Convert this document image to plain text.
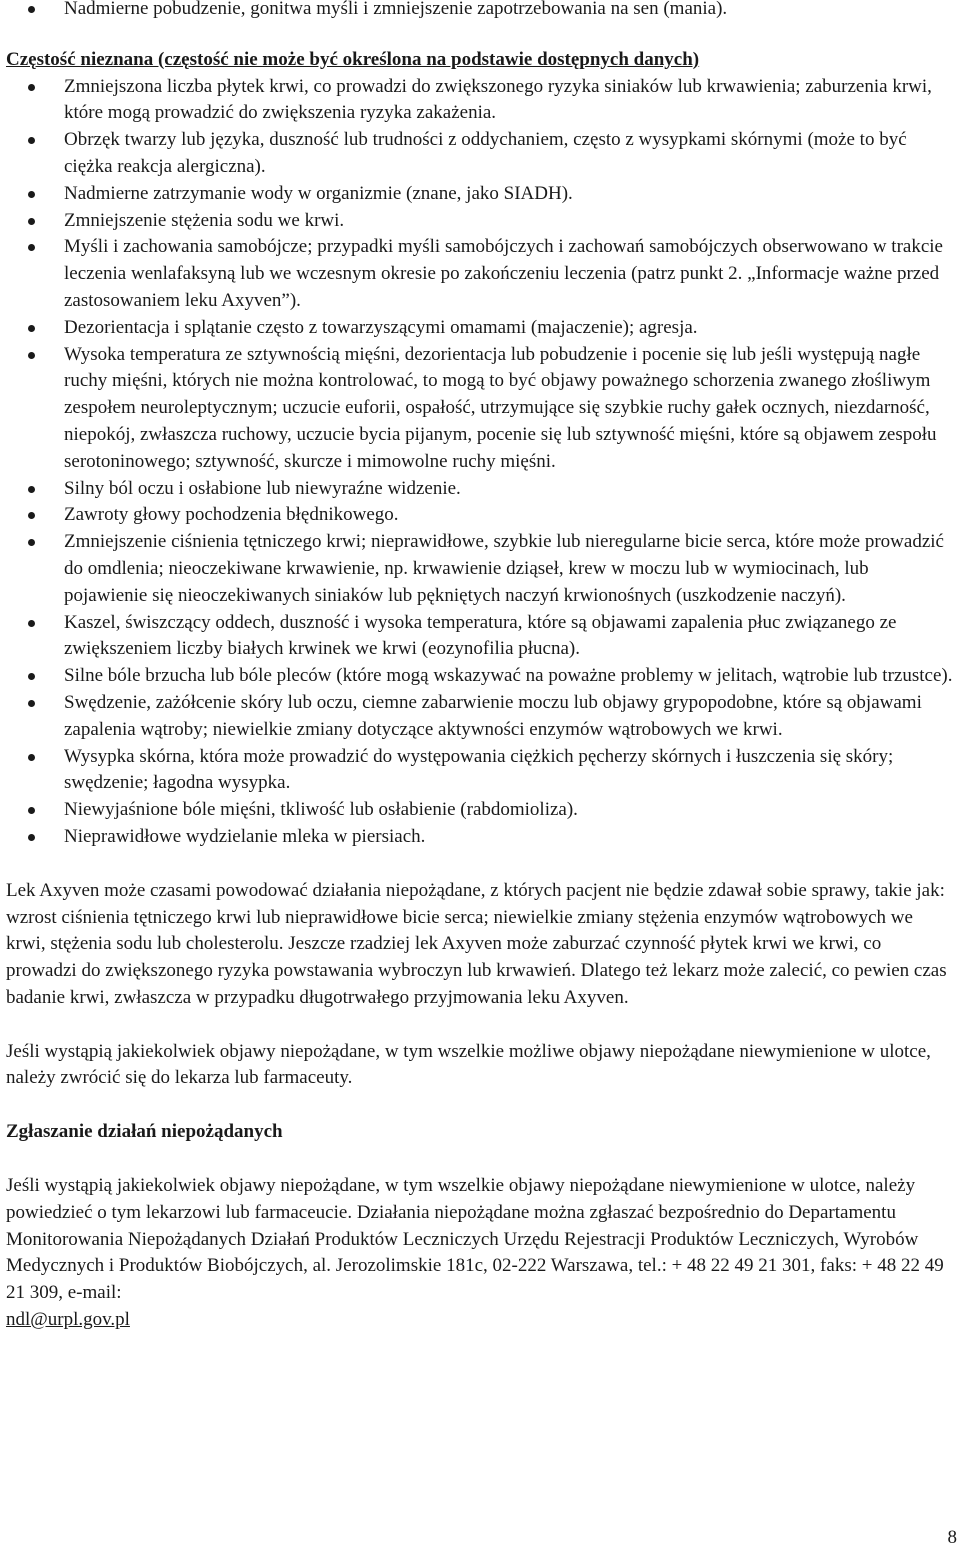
Nadmierne pobudzenie, gonitwa myśli i zmniejszenie zapotrzebowania na sen (mania).

Częstość nieznana (częstość nie może być określona na podstawie dostępnych danych)

Zmniejszona liczba płytek krwi, co prowadzi do zwiększonego ryzyka siniaków lub krwawienia; zaburzenia krwi, które mogą prowadzić do zwiększenia ryzyka zakażenia.
Obrzęk twarzy lub języka, duszność lub trudności z oddychaniem, często z wysypkami skórnymi (może to być ciężka reakcja alergiczna).
Nadmierne zatrzymanie wody w organizmie (znane, jako SIADH).
Zmniejszenie stężenia sodu we krwi.
Myśli i zachowania samobójcze; przypadki myśli samobójczych i zachowań samobójczych obserwowano w trakcie leczenia wenlafaksyną lub we wczesnym okresie po zakończeniu leczenia (patrz punkt 2. „Informacje ważne przed zastosowaniem leku Axyven”).
Dezorientacja i splątanie często z towarzyszącymi omamami (majaczenie); agresja.
Wysoka temperatura ze sztywnością mięśni, dezorientacja lub pobudzenie i pocenie się lub jeśli występują nagłe ruchy mięśni, których nie można kontrolować, to mogą to być objawy poważnego schorzenia zwanego złośliwym zespołem neuroleptycznym; uczucie euforii, ospałość, utrzymujące się szybkie ruchy gałek ocznych, niezdarność, niepokój, zwłaszcza ruchowy, uczucie bycia pijanym, pocenie się lub sztywność mięśni, które są objawem zespołu serotoninowego; sztywność, skurcze i mimowolne ruchy mięśni.
Silny ból oczu i osłabione lub niewyraźne widzenie.
Zawroty głowy pochodzenia błędnikowego.
Zmniejszenie ciśnienia tętniczego krwi; nieprawidłowe, szybkie lub nieregularne bicie serca, które może prowadzić do omdlenia; nieoczekiwane krwawienie, np. krwawienie dziąseł, krew w moczu lub w wymiocinach, lub pojawienie się nieoczekiwanych siniaków lub pękniętych naczyń krwionośnych (uszkodzenie naczyń).
Kaszel, świszczący oddech, duszność i wysoka temperatura, które są objawami zapalenia płuc związanego ze zwiększeniem liczby białych krwinek we krwi (eozynofilia płucna).
Silne bóle brzucha lub bóle pleców (które mogą wskazywać na poważne problemy w jelitach, wątrobie lub trzustce).
Swędzenie, zażółcenie skóry lub oczu, ciemne zabarwienie moczu lub objawy grypopodobne, które są objawami zapalenia wątroby; niewielkie zmiany dotyczące aktywności enzymów wątrobowych we krwi.
Wysypka skórna, która może prowadzić do występowania ciężkich pęcherzy skórnych i łuszczenia się skóry; swędzenie; łagodna wysypka.
Niewyjaśnione bóle mięśni, tkliwość lub osłabienie (rabdomioliza).
Nieprawidłowe wydzielanie mleka w piersiach.

Lek Axyven może czasami powodować działania niepożądane, z których pacjent nie będzie zdawał sobie sprawy, takie jak: wzrost ciśnienia tętniczego krwi lub nieprawidłowe bicie serca; niewielkie zmiany stężenia enzymów wątrobowych we krwi, stężenia sodu lub cholesterolu. Jeszcze rzadziej lek Axyven może zaburzać czynność płytek krwi we krwi, co prowadzi do zwiększonego ryzyka powstawania wybroczyn lub krwawień. Dlatego też lekarz może zalecić, co pewien czas badanie krwi, zwłaszcza w przypadku długotrwałego przyjmowania leku Axyven.

Jeśli wystąpią jakiekolwiek objawy niepożądane, w tym wszelkie możliwe objawy niepożądane niewymienione w ulotce, należy zwrócić się do lekarza lub farmaceuty.

Zgłaszanie działań niepożądanych

Jeśli wystąpią jakiekolwiek objawy niepożądane, w tym wszelkie objawy niepożądane niewymienione w ulotce, należy powiedzieć o tym lekarzowi lub farmaceucie. Działania niepożądane można zgłaszać bezpośrednio do Departamentu Monitorowania Niepożądanych Działań Produktów Leczniczych Urzędu Rejestracji Produktów Leczniczych, Wyrobów Medycznych i Produktów Biobójczych, al. Jerozolimskie 181c, 02-222 Warszawa, tel.: + 48 22 49 21 301, faks: + 48 22 49 21 309, e-mail:
ndl@urpl.gov.pl

8
